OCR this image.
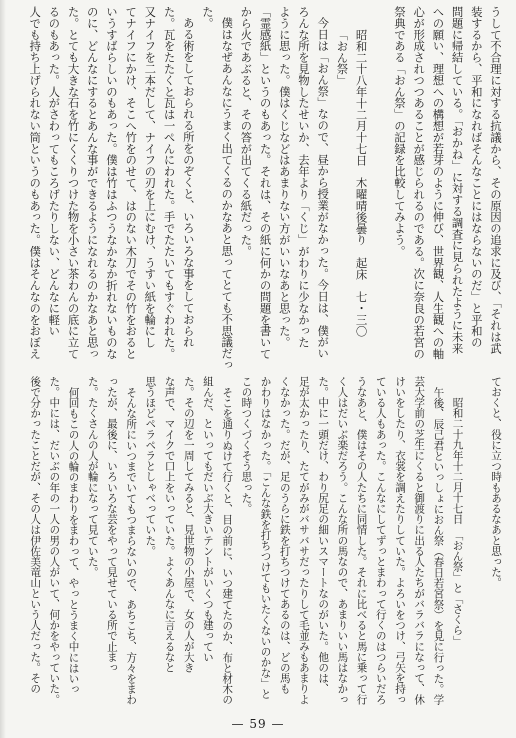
うして不合理に対する抗議から、その原因の追求に及び、「それは武
装するから、平和になればそんなことにはならないのだ」と平和の
問題に帰結している。「おかね」に対する調査に見られたように未来
への願い、理想への構想が若芽のように伸び、世界観、人生観への軸
心が形成されつつあることが感じられるのである。次に奈良の若宮の
祭典である「おん祭」の記録を比較してみよう。
昭和二十八年十二月十七日　木曜晴後曇り　起床　七・三〇
「おん祭」
今日は「おん祭」なので、昼から授業がなかった。今日は、僕がい
ろんな所を見物したせいか、去年より「くじ」がわりに少なかった
ように思った。僕はくじなどはあまりない方がいいなあと思った。
「霊感紙」というのもあった。それは、その紙に何かの問題を書いて
から火であぶると、その答が出てくる紙だった。
僕はなぜあんなにうまく出てくるのかなあと思ってとても不思議だっ
た。
ある術をしておられる所をのぞくと、いろいろな事をしておられ
た。瓦をたたくと瓦は一ぺんにわれた。手でたたいてもすぐわれた。
又ナイフを二本だして、ナイフの刃を上にむけ、うすい紙を輪にし
てナイフにかけ、そこへ竹をのせて、はのない木刀でその竹をおると
いうすばらしいのもあった。僕は竹はふつうなかなか折れないものな
のに、どんなにするとあんな事ができるようになれるのかなあと思っ
た。とても大きな石を竹にくくりつけた物を小さい茶わんの底に立て
るのもあった。人がさわってもころげたりしない、どんなに軽い
人でも持ち上げられない筒というのもあった。僕はそんなのをおぼえ
ておくと、役に立つ時もあるなあと思った。
昭和二十九年十二月十七日　「おん祭」と「さくら」
午後、辰己君といっしょにおん祭（春日若宮祭）を見に行った。学
芸大学前の芝生にくると御渡りに出る人たちがバラバラになって、休
けいをしたり、衣裳を調えたりしていた。よろいをつけ、弓矢を持っ
ている人もあった。こんなにしてずっとまわって行くのはつらいだろ
うなあと、僕はその人たちに同情した。それに比べると馬に乗って行
く人はだいぶ楽だろう。こんな所の馬なので、あまりいい馬はなかっ
た。中に一頭だけ、わり尻足の細いスマートなのがいた。他のは、
足が太かったり、たてがみがバサバサだったりして毛並みもあまりよ
くなかった。だが、足のうらに鉄を打ちつけてあるのは、どの馬も
かわりはなかった。「こんな鉄を打ちつけてもいたくないのかな」と
この時つくづくそう思った。
そこを通りぬけて行くと、目の前に、いつ建てたのか、布と材木の
組んだ、といってもだいぶ大きいテントがいくつも建ってい
た。その辺を一周してみると、見世物の小屋で、女の人が大き
な声で、マイクで口上をいっていた。よくあんなに言えるなと
思うほどペラペラとしゃべっていた。
そんな所にいつまでいてもつまらないので、あちこち、方々をまわ
ったが、最後に、いろいろな芸をやって見せている所で止まっ
た。たくさんの人が輪になって見ていた。
何回もこの人の輪のまわりをまわって、やっとうまく中にはいっ
た。中には、だいぶの年の一人の男の人がいて、何かをやっていた。
後で分かったことだが、その人は伊佐美竜山という人だった。その
— 59 —
